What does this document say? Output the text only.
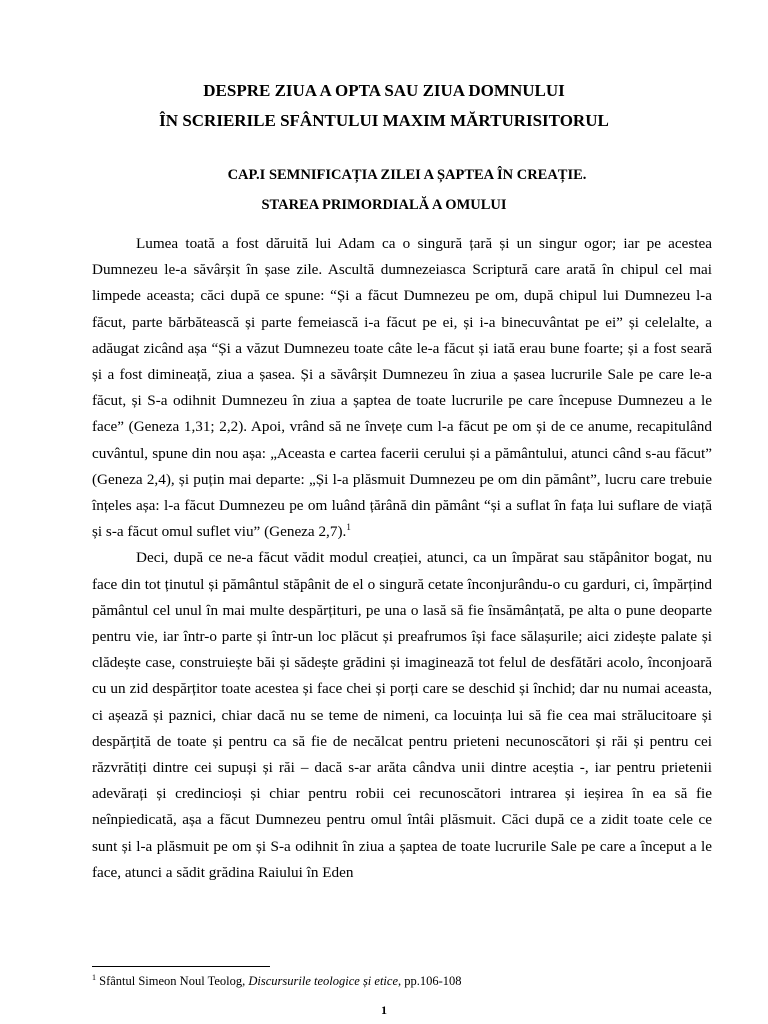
DESPRE ZIUA A OPTA SAU ZIUA DOMNULUI
ÎN SCRIERILE SFÂNTULUI MAXIM MĂRTURISITORUL
CAP.I SEMNIFICAȚIA ZILEI A ȘAPTEA ÎN CREAȚIE.
STAREA PRIMORDIALĂ A OMULUI

Lumea toată a fost dăruită lui Adam ca o singură țară și un singur ogor; iar pe acestea Dumnezeu le-a săvârșit în șase zile. Ascultă dumnezeiasca Scriptură care arată în chipul cel mai limpede aceasta; căci după ce spune: “Și a făcut Dumnezeu pe om, după chipul lui Dumnezeu l-a făcut, parte bărbătească și parte femeiască i-a făcut pe ei, și i-a binecuvântat pe ei” și celelalte, a adăugat zicând așa “Și a văzut Dumnezeu toate câte le-a făcut și iată erau bune foarte; și a fost seară și a fost dimineață, ziua a șasea. Și a săvârșit Dumnezeu în ziua a șasea lucrurile Sale pe care le-a făcut, și S-a odihnit Dumnezeu în ziua a șaptea de toate lucrurile pe care începuse Dumnezeu a le face” (Geneza 1,31; 2,2). Apoi, vrând să ne învețe cum l-a făcut pe om și de ce anume, recapitulând cuvântul, spune din nou așa: „Aceasta e cartea facerii cerului și a pământului, atunci când s-au făcut” (Geneza 2,4), și puțin mai departe: „Și l-a plăsmuit Dumnezeu pe om din pământ”, lucru care trebuie înțeles așa: l-a făcut Dumnezeu pe om luând țărână din pământ “și a suflat în fața lui suflare de viață și s-a făcut omul suflet viu” (Geneza 2,7).$^1$

Deci, după ce ne-a făcut vădit modul creației, atunci, ca un împărat sau stăpânitor bogat, nu face din tot ținutul și pământul stăpânit de el o singură cetate înconjurându-o cu garduri, ci, împărțind pământul cel unul în mai multe despărțituri, pe una o lasă să fie însămânțată, pe alta o pune deoparte pentru vie, iar într-o parte și într-un loc plăcut și preafrumos își face sălașurile; aici zidește palate și clădește case, construiește băi și sădește grădini și imaginează tot felul de desfătări acolo, înconjoară cu un zid despărțitor toate acestea și face chei și porți care se deschid și închid; dar nu numai aceasta, ci așează și paznici, chiar dacă nu se teme de nimeni, ca locuința lui să fie cea mai strălucitoare și despărțită de toate și pentru ca să fie de necălcat pentru prieteni necunoscători și răi și pentru cei răzvrătiți dintre cei supuși și răi – dacă s-ar arăta cândva unii dintre aceștia -, iar pentru prietenii adevărați și credincioși și chiar pentru robii cei recunoscători intrarea și ieșirea în ea să fie neînpiedicată, așa a făcut Dumnezeu pentru omul întâi plăsmuit. Căci după ce a zidit toate cele ce sunt și l-a plăsmuit pe om și S-a odihnit în ziua a șaptea de toate lucrurile Sale pe care a început a le face, atunci a sădit grădina Raiului în Eden

$^1$ Sfântul Simeon Noul Teolog, Discursurile teologice și etice, pp.106-108
1
